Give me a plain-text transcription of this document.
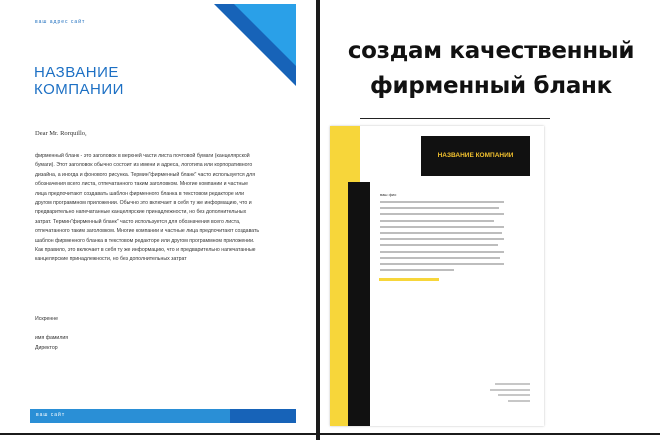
ваш адрес сайт
НАЗВАНИЕ КОМПАНИИ
Dear Mr. Rorquillo,

фирменный бланк - это заголовок в верхней части листа почтовой бумаги (канцелярской бумаги). Этот заголовок обычно состоит из имени и адреса, логотипа или корпоративного дизайна, а иногда и фонового рисунка. Термин"фирменный бланк" часто используется для обозначения всего листа, отпечатанного таким заголовком. Многие компании и частные лица предпочитают создавать шаблон фирменного бланка в текстовом редакторе или другом программном приложении. Обычно это включает в себя ту же информацию, что и предварительно напечатанные канцелярские принадлежности, но без дополнительных затрат. Термин"фирменный бланк" часто используется для обозначения всего листа, отпечатанного таким заголовком. Многие компании и частные лица предпочитают создавать шаблон фирменного бланка в текстовом редакторе или другом программном приложении. Как правило, это включает в себя ту же информацию, что и предварительно напечатанные канцелярские принадлежности, но без дополнительных затрат

Искренне
имя фамилия
Директор
ваш сайт
создам качественный
фирменный бланк
НАЗВАНИЕ КОМПАНИИ
ваш фио
